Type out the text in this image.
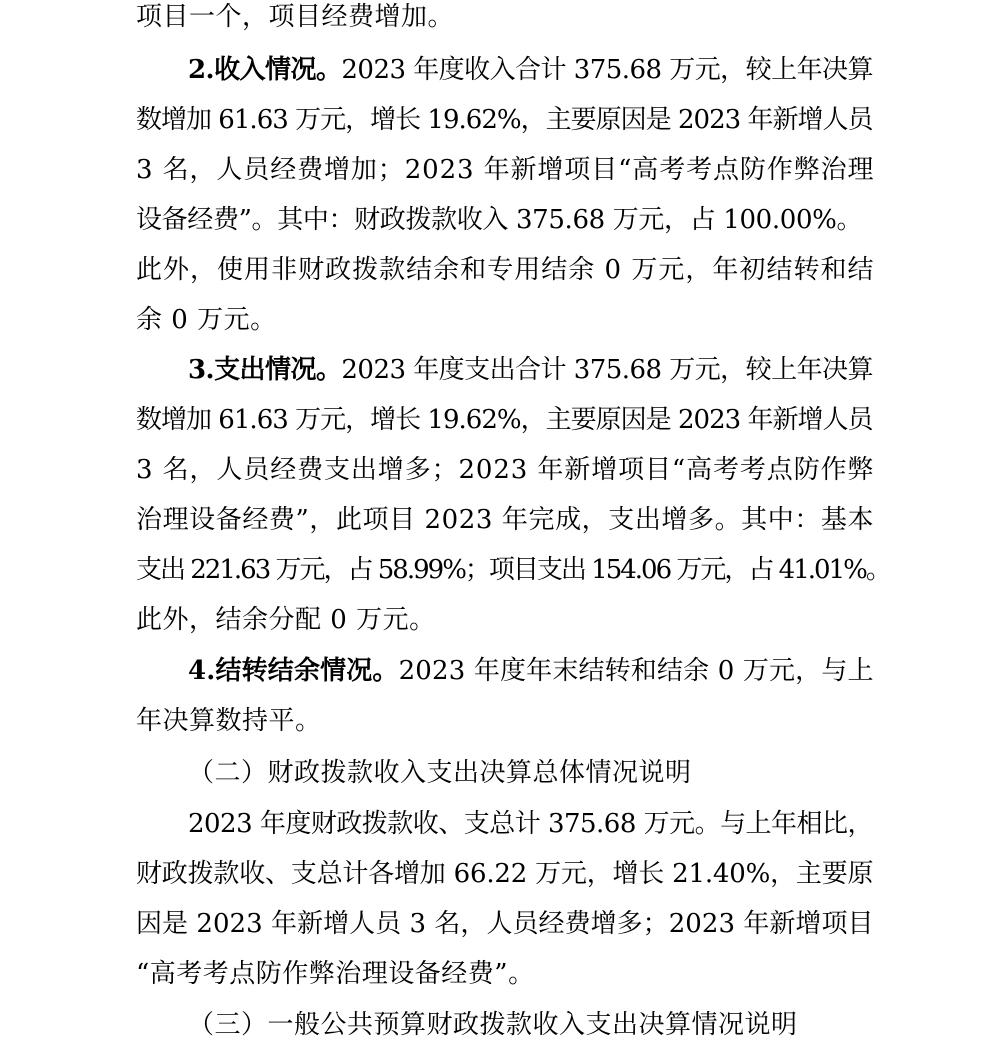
项目一个，项目经费增加。
2.收入情况。2023 年度收入合计 375.68 万元，较上年决算
数增加 61.63 万元，增长 19.62%，主要原因是 2023 年新增人员
3 名，人员经费增加；2023 年新增项目“高考考点防作弊治理
设备经费”。其中：财政拨款收入 375.68 万元，占 100.00%。
此外，使用非财政拨款结余和专用结余 0 万元，年初结转和结
余 0 万元。
3.支出情况。2023 年度支出合计 375.68 万元，较上年决算
数增加 61.63 万元，增长 19.62%，主要原因是 2023 年新增人员
3 名，人员经费支出增多；2023 年新增项目“高考考点防作弊
治理设备经费”，此项目 2023 年完成，支出增多。其中：基本
支出 221.63 万元，占 58.99%；项目支出 154.06 万元，占 41.01%。
此外，结余分配 0 万元。
4.结转结余情况。2023 年度年末结转和结余 0 万元，与上
年决算数持平。
（二）财政拨款收入支出决算总体情况说明
2023 年度财政拨款收、支总计 375.68 万元。与上年相比，
财政拨款收、支总计各增加 66.22 万元，增长 21.40%，主要原
因是 2023 年新增人员 3 名，人员经费增多；2023 年新增项目
“高考考点防作弊治理设备经费”。
（三）一般公共预算财政拨款收入支出决算情况说明
